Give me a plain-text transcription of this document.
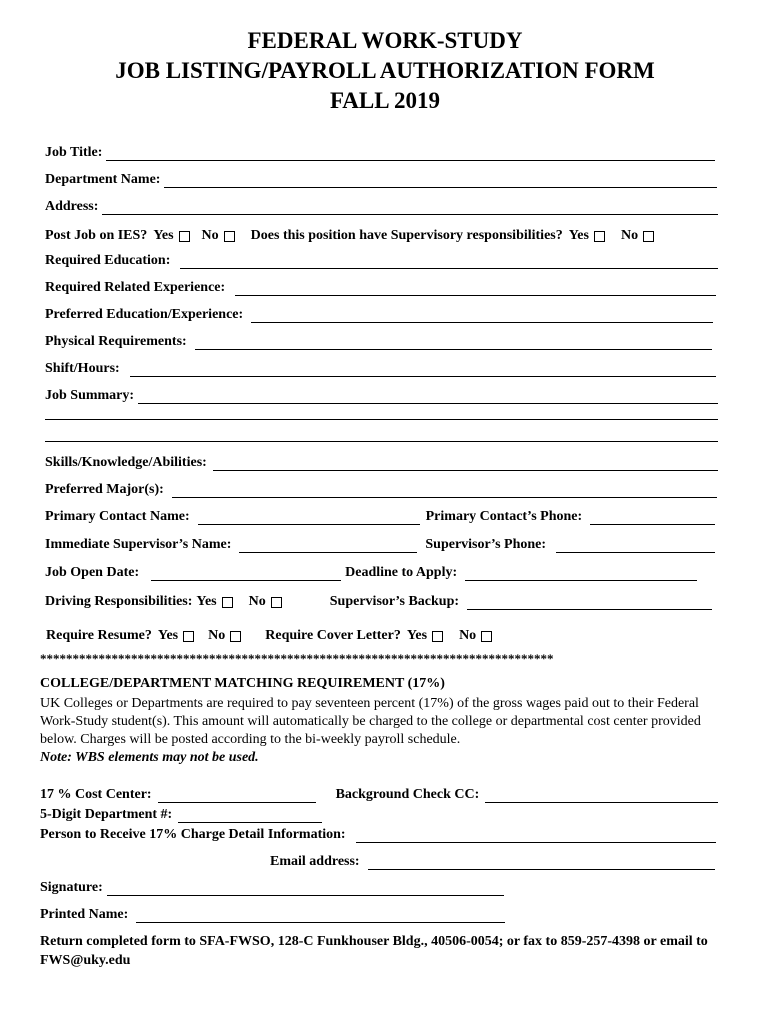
FEDERAL WORK-STUDY
JOB LISTING/PAYROLL AUTHORIZATION FORM
FALL 2019
Job Title:
Department Name:
Address:
Post Job on IES? Yes No Does this position have Supervisory responsibilities? Yes No
Required Education:
Required Related Experience:
Preferred Education/Experience:
Physical Requirements:
Shift/Hours:
Job Summary:
Skills/Knowledge/Abilities:
Preferred Major(s):
Primary Contact Name:	Primary Contact’s Phone:
Immediate Supervisor’s Name:	Supervisor’s Phone:
Job Open Date:	Deadline to Apply:
Driving Responsibilities: Yes No	Supervisor’s Backup:
Require Resume? Yes No	Require Cover Letter? Yes No
*******************************************************************************
COLLEGE/DEPARTMENT MATCHING REQUIREMENT (17%)
UK Colleges or Departments are required to pay seventeen percent (17%) of the gross wages paid out to their Federal Work-Study student(s). This amount will automatically be charged to the college or departmental cost center provided below. Charges will be posted according to the bi-weekly payroll schedule.
Note: WBS elements may not be used.
17 % Cost Center:	Background Check CC:
5-Digit Department #:
Person to Receive 17% Charge Detail Information:
Email address:
Signature:
Printed Name:
Return completed form to SFA-FWSO, 128-C Funkhouser Bldg., 40506-0054; or fax to 859-257-4398 or email to FWS@uky.edu
